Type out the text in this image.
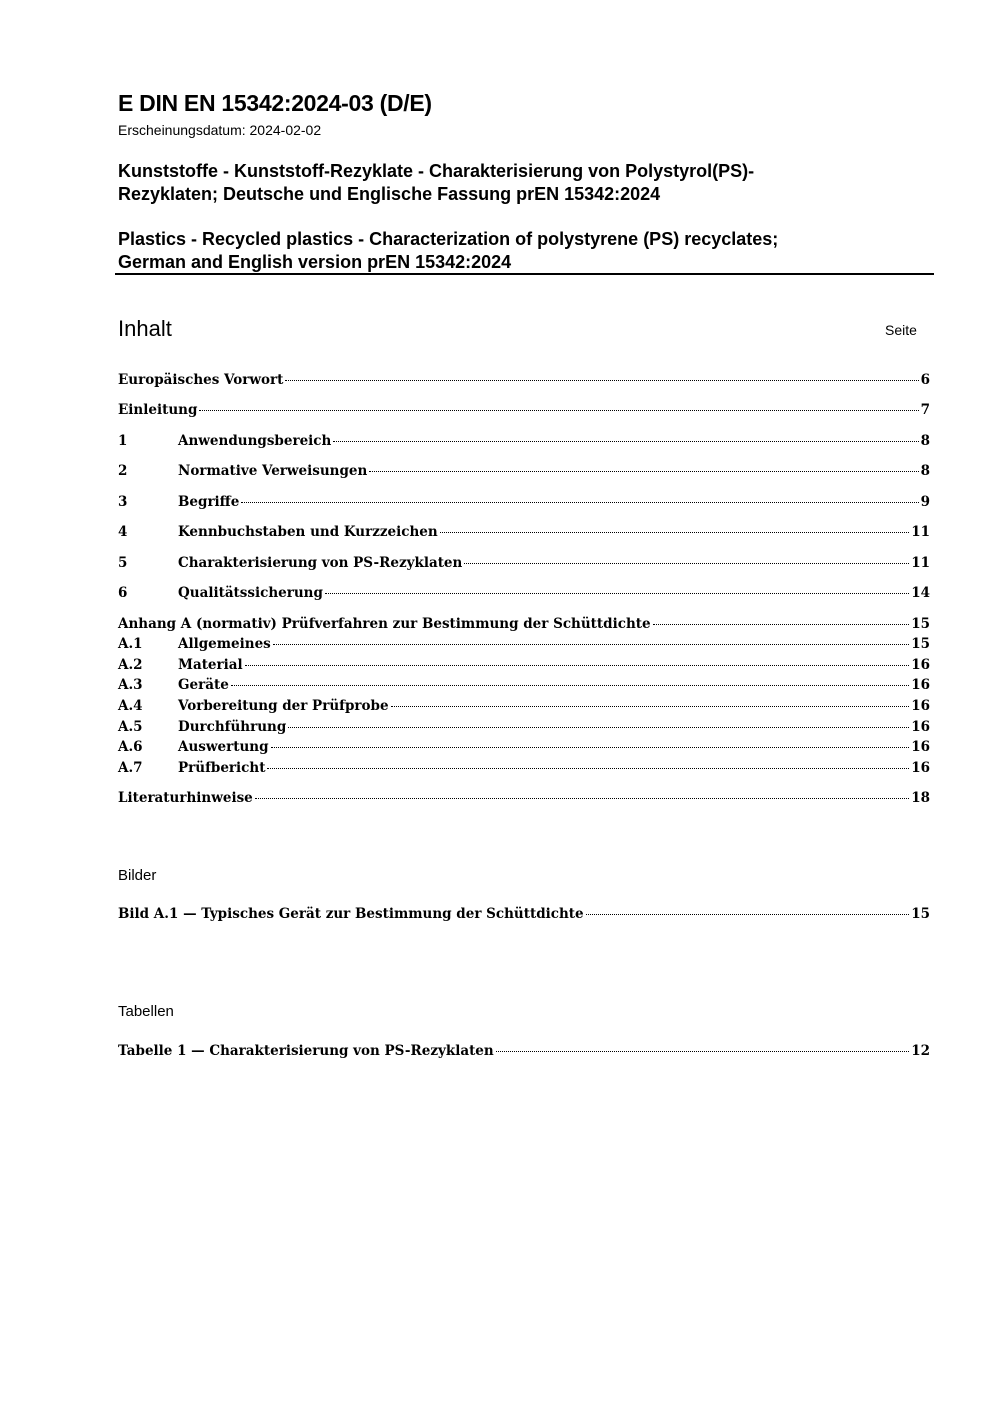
E DIN EN 15342:2024-03 (D/E)
Erscheinungsdatum: 2024-02-02
Kunststoffe - Kunststoff-Rezyklate - Charakterisierung von Polystyrol(PS)-
Rezyklaten; Deutsche und Englische Fassung prEN 15342:2024
Plastics - Recycled plastics - Characterization of polystyrene (PS) recyclates;
German and English version prEN 15342:2024
Inhalt	Seite
Europäisches Vorwort	6
Einleitung	7
1	Anwendungsbereich	8
2	Normative Verweisungen	8
3	Begriffe	9
4	Kennbuchstaben und Kurzzeichen	11
5	Charakterisierung von PS-Rezyklaten	11
6	Qualitätssicherung	14
Anhang A (normativ) Prüfverfahren zur Bestimmung der Schüttdichte	15
A.1	Allgemeines	15
A.2	Material	16
A.3	Geräte	16
A.4	Vorbereitung der Prüfprobe	16
A.5	Durchführung	16
A.6	Auswertung	16
A.7	Prüfbericht	16
Literaturhinweise	18
Bilder
Bild A.1 — Typisches Gerät zur Bestimmung der Schüttdichte	15
Tabellen
Tabelle 1 — Charakterisierung von PS-Rezyklaten	12
